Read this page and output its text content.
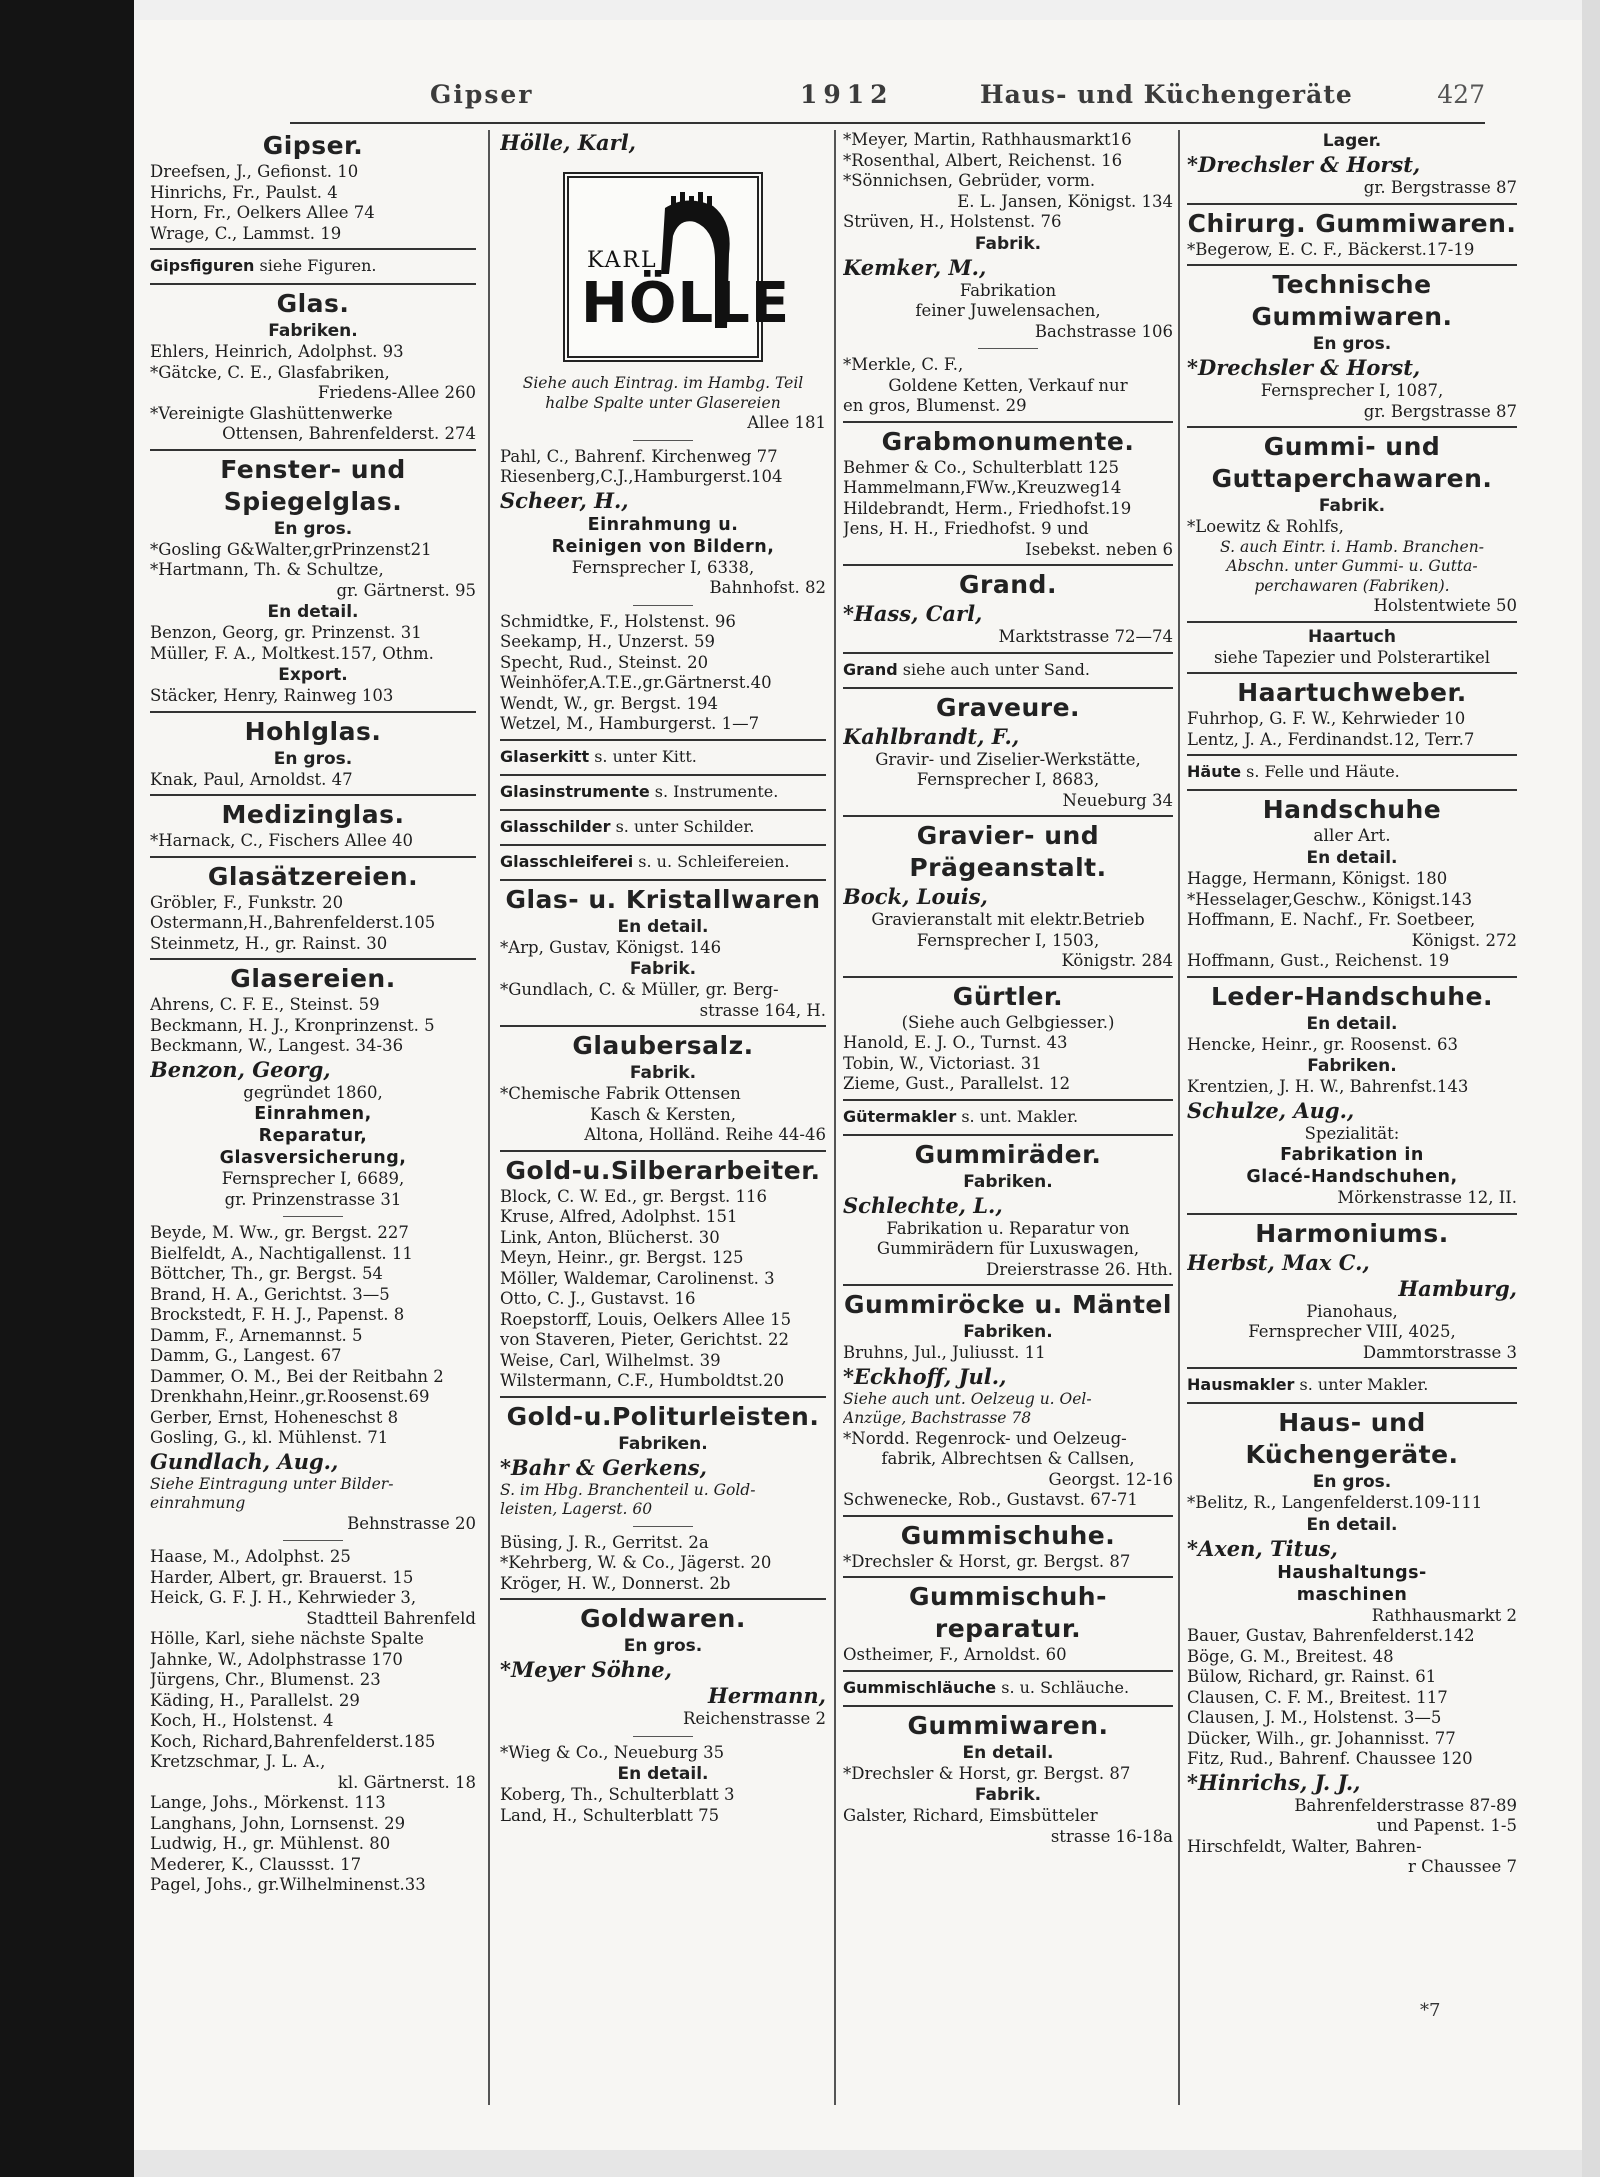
Gipser	1912	Haus- und Küchengeräte	427
Gipser.
Dreefsen, J., Gefionst. 10
Hinrichs, Fr., Paulst. 4
Horn, Fr., Oelkers Allee 74
Wrage, C., Lammst. 19
Gipsfiguren siehe Figuren.
Glas.
Fabriken.
Ehlers, Heinrich, Adolphst. 93
*Gätcke, C. E., Glasfabriken,
Friedens-Allee 260
*Vereinigte Glashüttenwerke
Ottensen, Bahrenfelderst. 274
Fenster- und Spiegelglas.
En gros.
*Gosling G&Walter,grPrinzenst21
*Hartmann, Th. & Schultze,
gr. Gärtnerst. 95
En detail.
Benzon, Georg, gr. Prinzenst. 31
Müller, F. A., Moltkest.157, Othm.
Export.
Stäcker, Henry, Rainweg 103
Hohlglas.
En gros.
Knak, Paul, Arnoldst. 47
Medizinglas.
*Harnack, C., Fischers Allee 40
Glasätzereien.
Gröbler, F., Funkstr. 20
Ostermann,H.,Bahrenfelderst.105
Steinmetz, H., gr. Rainst. 30
Glasereien.
Ahrens, C. F. E., Steinst. 59
Beckmann, H. J., Kronprinzenst. 5
Beckmann, W., Langest. 34-36
Benzon, Georg,
gegründet 1860,
Einrahmen,
Reparatur,
Glasversicherung,
Fernsprecher I, 6689,
gr. Prinzenstrasse 31
Beyde, M. Ww., gr. Bergst. 227
Bielfeldt, A., Nachtigallenst. 11
Böttcher, Th., gr. Bergst. 54
Brand, H. A., Gerichtst. 3—5
Brockstedt, F. H. J., Papenst. 8
Damm, F., Arnemannst. 5
Damm, G., Langest. 67
Dammer, O. M., Bei der Reitbahn 2
Drenkhahn,Heinr.,gr.Roosenst.69
Gerber, Ernst, Hoheneschst 8
Gosling, G., kl. Mühlenst. 71
Gundlach, Aug.,
Siehe Eintragung unter Bilder-
einrahmung
Behnstrasse 20
Haase, M., Adolphst. 25
Harder, Albert, gr. Brauerst. 15
Heick, G. F. J. H., Kehrwieder 3,
Stadtteil Bahrenfeld
Hölle, Karl, siehe nächste Spalte
Jahnke, W., Adolphstrasse 170
Jürgens, Chr., Blumenst. 23
Käding, H., Parallelst. 29
Koch, H., Holstenst. 4
Koch, Richard,Bahrenfelderst.185
Kretzschmar, J. L. A.,
kl. Gärtnerst. 18
Lange, Johs., Mörkenst. 113
Langhans, John, Lornsenst. 29
Ludwig, H., gr. Mühlenst. 80
Mederer, K., Claussst. 17
Pagel, Johs., gr.Wilhelminenst.33
Hölle, Karl,
KARL
HÖLLE
Siehe auch Eintrag. im Hambg. Teil
halbe Spalte unter Glasereien
Allee 181
Pahl, C., Bahrenf. Kirchenweg 77
Riesenberg,C.J.,Hamburgerst.104
Scheer, H.,
Einrahmung u.
Reinigen von Bildern,
Fernsprecher I, 6338,
Bahnhofst. 82
Schmidtke, F., Holstenst. 96
Seekamp, H., Unzerst. 59
Specht, Rud., Steinst. 20
Weinhöfer,A.T.E.,gr.Gärtnerst.40
Wendt, W., gr. Bergst. 194
Wetzel, M., Hamburgerst. 1—7
Glaserkitt s. unter Kitt.
Glasinstrumente s. Instrumente.
Glasschilder s. unter Schilder.
Glasschleiferei s. u. Schleifereien.
Glas- u. Kristallwaren
En detail.
*Arp, Gustav, Königst. 146
Fabrik.
*Gundlach, C. & Müller, gr. Berg-
strasse 164, H.
Glaubersalz.
Fabrik.
*Chemische Fabrik Ottensen
Kasch & Kersten,
Altona, Holländ. Reihe 44-46
Gold-u.Silberarbeiter.
Block, C. W. Ed., gr. Bergst. 116
Kruse, Alfred, Adolphst. 151
Link, Anton, Blücherst. 30
Meyn, Heinr., gr. Bergst. 125
Möller, Waldemar, Carolinenst. 3
Otto, C. J., Gustavst. 16
Roepstorff, Louis, Oelkers Allee 15
von Staveren, Pieter, Gerichtst. 22
Weise, Carl, Wilhelmst. 39
Wilstermann, C.F., Humboldtst.20
Gold-u.Politurleisten.
Fabriken.
*Bahr & Gerkens,
S. im Hbg. Branchenteil u. Gold-
leisten, Lagerst. 60
Büsing, J. R., Gerritst. 2a
*Kehrberg, W. & Co., Jägerst. 20
Kröger, H. W., Donnerst. 2b
Goldwaren.
En gros.
*Meyer Söhne,
Hermann,
Reichenstrasse 2
*Wieg & Co., Neueburg 35
En detail.
Koberg, Th., Schulterblatt 3
Land, H., Schulterblatt 75
*Meyer, Martin, Rathhausmarkt16
*Rosenthal, Albert, Reichenst. 16
*Sönnichsen, Gebrüder, vorm.
E. L. Jansen, Königst. 134
Strüven, H., Holstenst. 76
Fabrik.
Kemker, M.,
Fabrikation
feiner Juwelensachen,
Bachstrasse 106
*Merkle, C. F.,
Goldene Ketten, Verkauf nur
en gros, Blumenst. 29
Grabmonumente.
Behmer & Co., Schulterblatt 125
Hammelmann,FWw.,Kreuzweg14
Hildebrandt, Herm., Friedhofst.19
Jens, H. H., Friedhofst. 9 und
Isebekst. neben 6
Grand.
*Hass, Carl,
Marktstrasse 72—74
Grand siehe auch unter Sand.
Graveure.
Kahlbrandt, F.,
Gravir- und Ziselier-Werkstätte,
Fernsprecher I, 8683,
Neueburg 34
Gravier- und
Prägeanstalt.
Bock, Louis,
Gravieranstalt mit elektr.Betrieb
Fernsprecher I, 1503,
Königstr. 284
Gürtler.
(Siehe auch Gelbgiesser.)
Hanold, E. J. O., Turnst. 43
Tobin, W., Victoriast. 31
Zieme, Gust., Parallelst. 12
Gütermakler s. unt. Makler.
Gummiräder.
Fabriken.
Schlechte, L.,
Fabrikation u. Reparatur von
Gummirädern für Luxuswagen,
Dreierstrasse 26. Hth.
Gummiröcke u. Mäntel
Fabriken.
Bruhns, Jul., Juliusst. 11
*Eckhoff, Jul.,
Siehe auch unt. Oelzeug u. Oel-
Anzüge, Bachstrasse 78
*Nordd. Regenrock- und Oelzeug-
fabrik, Albrechtsen & Callsen,
Georgst. 12-16
Schwenecke, Rob., Gustavst. 67-71
Gummischuhe.
*Drechsler & Horst, gr. Bergst. 87
Gummischuh-
reparatur.
Ostheimer, F., Arnoldst. 60
Gummischläuche s. u. Schläuche.
Gummiwaren.
En detail.
*Drechsler & Horst, gr. Bergst. 87
Fabrik.
Galster, Richard, Eimsbütteler
strasse 16-18a
Lager.
*Drechsler & Horst,
gr. Bergstrasse 87
Chirurg. Gummiwaren.
*Begerow, E. C. F., Bäckerst.17-19
Technische Gummiwaren.
En gros.
*Drechsler & Horst,
Fernsprecher I, 1087,
gr. Bergstrasse 87
Gummi- und
Guttaperchawaren.
Fabrik.
*Loewitz & Rohlfs,
S. auch Eintr. i. Hamb. Branchen-
Abschn. unter Gummi- u. Gutta-
perchawaren (Fabriken).
Holstentwiete 50
Haartuch
siehe Tapezier und Polsterartikel
Haartuchweber.
Fuhrhop, G. F. W., Kehrwieder 10
Lentz, J. A., Ferdinandst.12, Terr.7
Häute s. Felle und Häute.
Handschuhe
aller Art.
En detail.
Hagge, Hermann, Königst. 180
*Hesselager,Geschw., Königst.143
Hoffmann, E. Nachf., Fr. Soetbeer,
Königst. 272
Hoffmann, Gust., Reichenst. 19
Leder-Handschuhe.
En detail.
Hencke, Heinr., gr. Roosenst. 63
Fabriken.
Krentzien, J. H. W., Bahrenfst.143
Schulze, Aug.,
Spezialität:
Fabrikation in
Glacé-Handschuhen,
Mörkenstrasse 12, II.
Harmoniums.
Herbst, Max C.,
Hamburg,
Pianohaus,
Fernsprecher VIII, 4025,
Dammtorstrasse 3
Hausmakler s. unter Makler.
Haus- und
Küchengeräte.
En gros.
*Belitz, R., Langenfelderst.109-111
En detail.
*Axen, Titus,
Haushaltungs-
maschinen
Rathhausmarkt 2
Bauer, Gustav, Bahrenfelderst.142
Böge, G. M., Breitest. 48
Bülow, Richard, gr. Rainst. 61
Clausen, C. F. M., Breitest. 117
Clausen, J. M., Holstenst. 3—5
Dücker, Wilh., gr. Johannisst. 77
Fitz, Rud., Bahrenf. Chaussee 120
*Hinrichs, J. J.,
Bahrenfelderstrasse 87-89
und Papenst. 1-5
Hirschfeldt, Walter, Bahren-
r Chaussee 7
*7
